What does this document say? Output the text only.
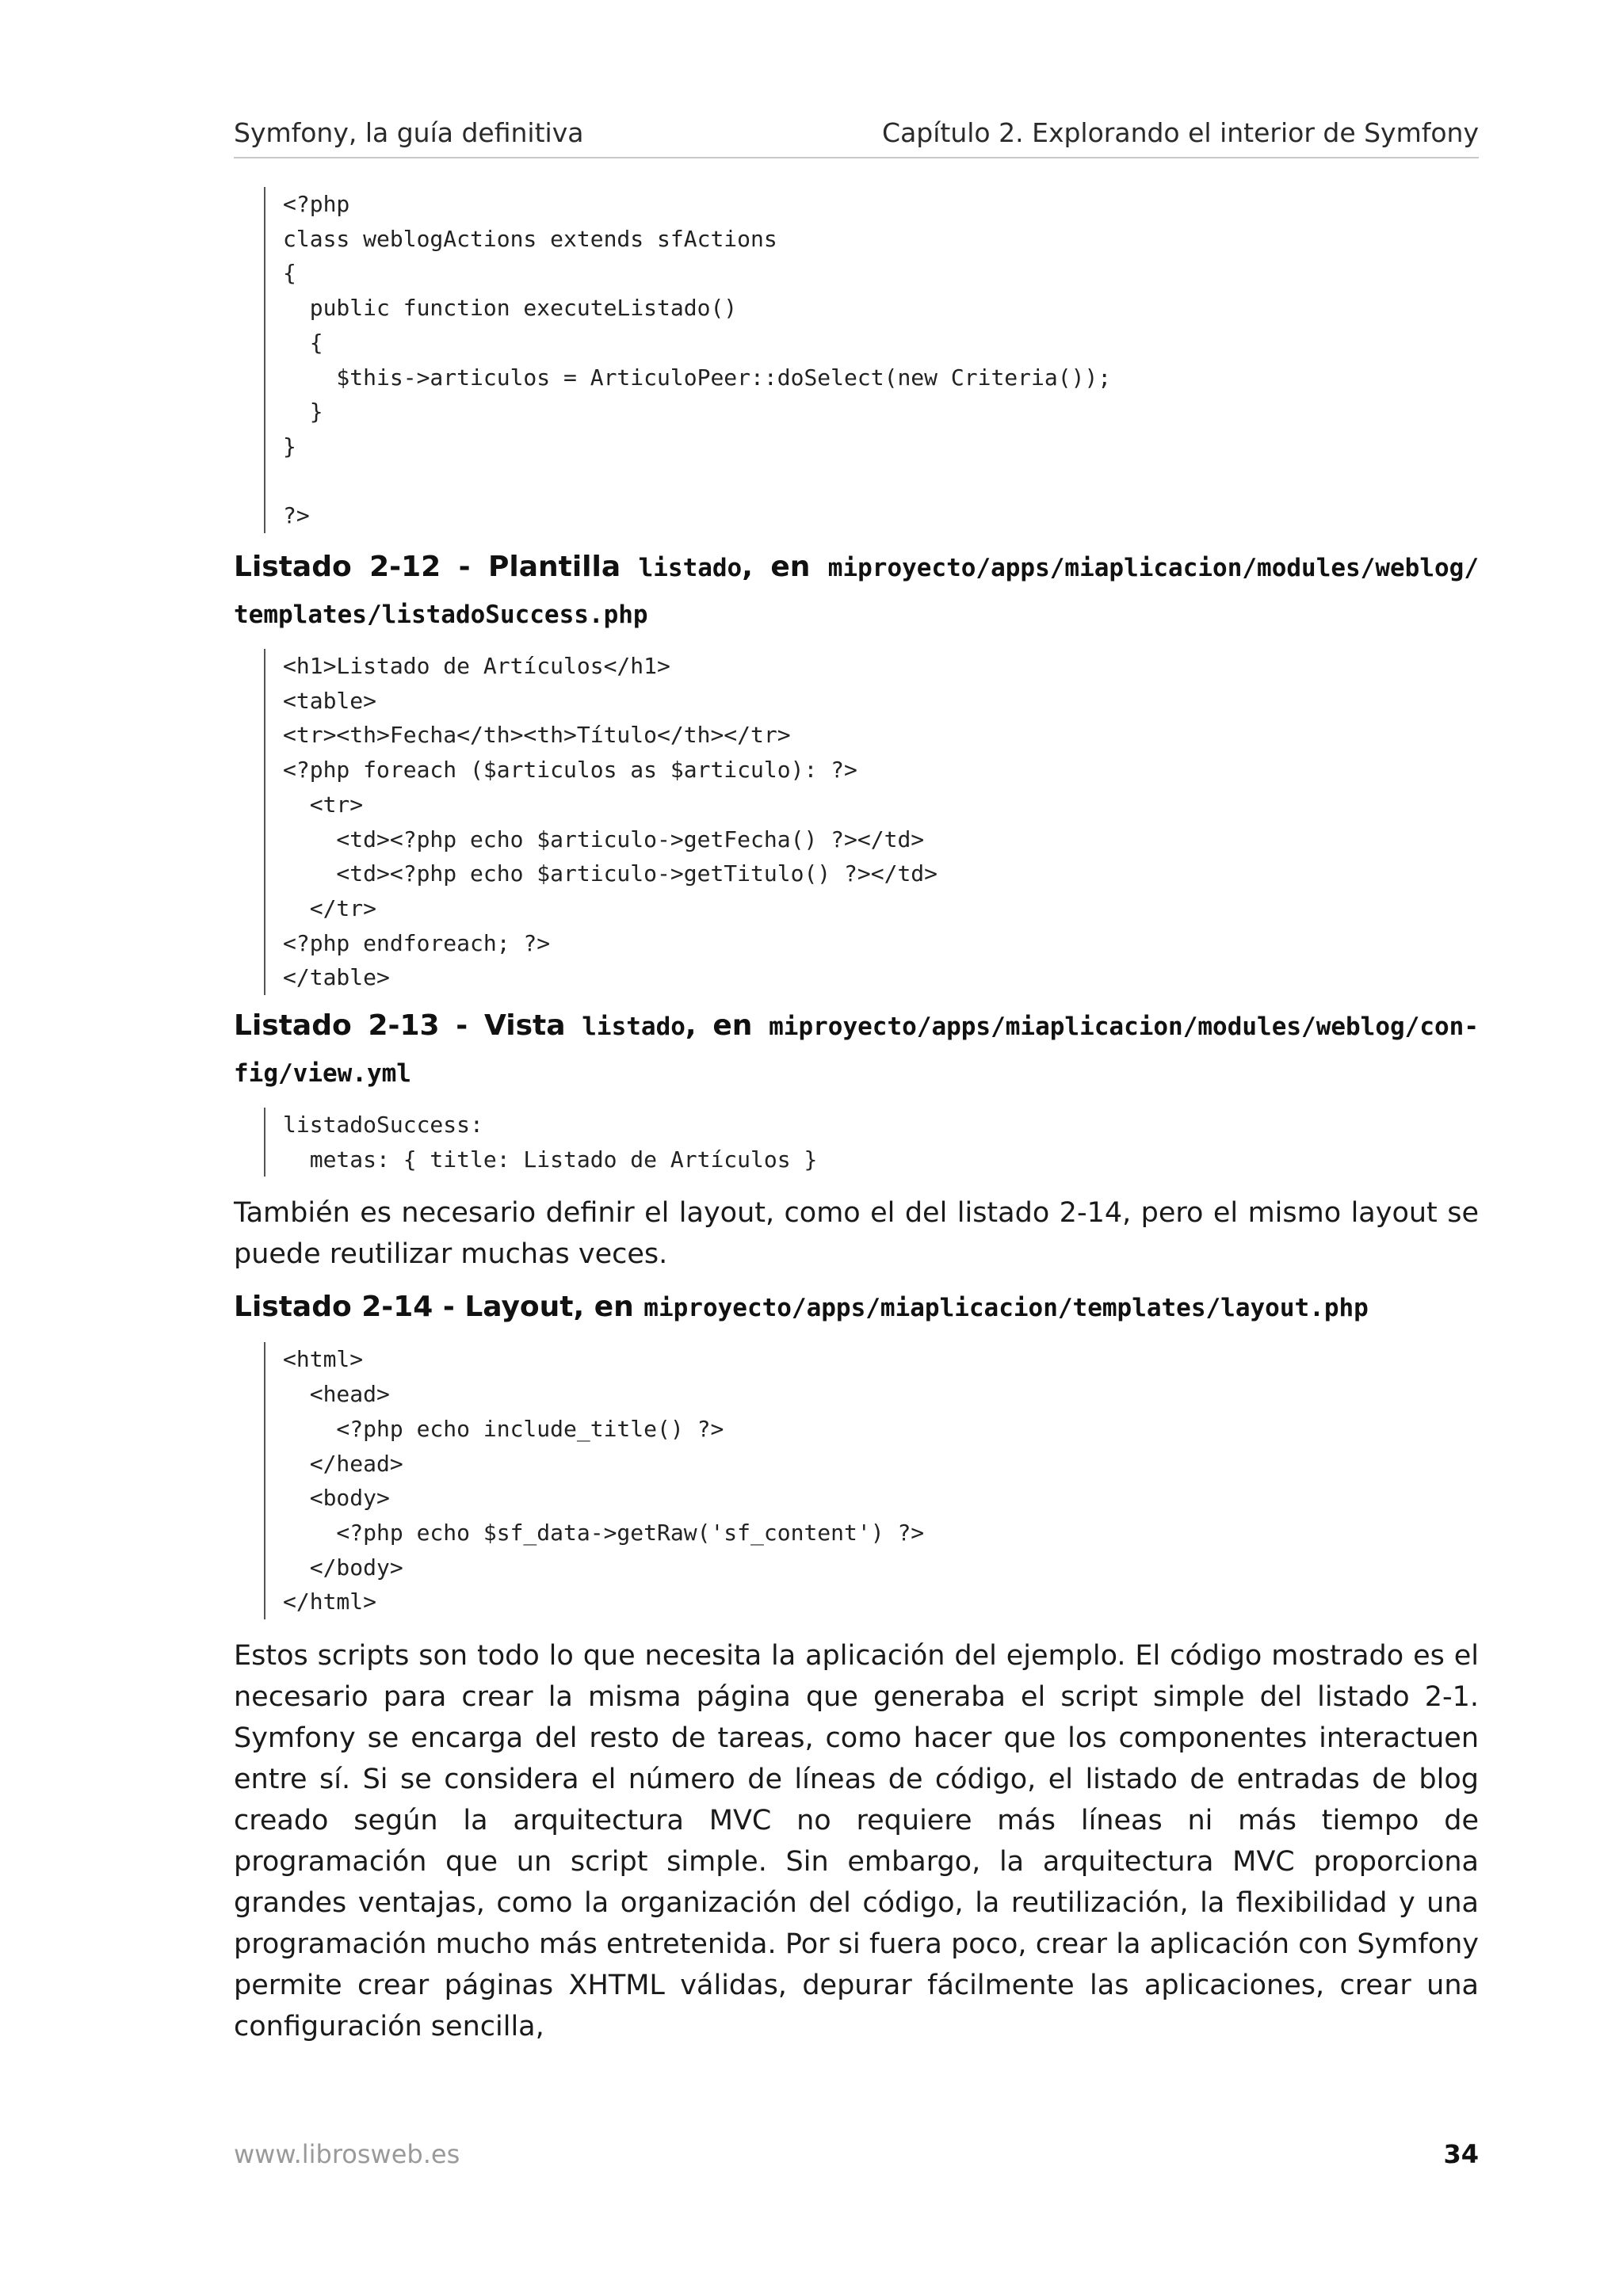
Symfony, la guía definitiva	Capítulo 2. Explorando el interior de Symfony
<?php
class weblogActions extends sfActions
{
public function executeListado()
{
$this->articulos = ArticuloPeer::doSelect(new Criteria());
}
}

?>
Listado 2-12 - Plantilla listado, en miproyecto/apps/miaplicacion/modules/weblog/ templates/listadoSuccess.php
<h1>Listado de Artículos</h1>
<table>
<tr><th>Fecha</th><th>Título</th></tr>
<?php foreach ($articulos as $articulo): ?>
<tr>
<td><?php echo $articulo->getFecha() ?></td>
<td><?php echo $articulo->getTitulo() ?></td>
</tr>
<?php endforeach; ?>
</table>
Listado 2-13 - Vista listado, en miproyecto/apps/miaplicacion/modules/weblog/con- fig/view.yml
listadoSuccess:
metas: { title: Listado de Artículos }
También es necesario definir el layout, como el del listado 2-14, pero el mismo layout se puede reutilizar muchas veces.
Listado 2-14 - Layout, en miproyecto/apps/miaplicacion/templates/layout.php
<html>
<head>
<?php echo include_title() ?>
</head>
<body>
<?php echo $sf_data->getRaw('sf_content') ?>
</body>
</html>
Estos scripts son todo lo que necesita la aplicación del ejemplo. El código mostrado es el necesario para crear la misma página que generaba el script simple del listado 2-1. Symfony se encarga del resto de tareas, como hacer que los componentes interactuen entre sí. Si se considera el número de líneas de código, el listado de entradas de blog creado según la arquitectura MVC no requiere más líneas ni más tiempo de programación que un script simple. Sin embargo, la arquitectura MVC proporciona grandes ventajas, como la organización del código, la reutilización, la flexibilidad y una programación mucho más entretenida. Por si fuera poco, crear la aplicación con Symfony permite crear páginas XHTML válidas, depurar fácilmente las aplicaciones, crear una configuración sencilla,
www.librosweb.es	34
